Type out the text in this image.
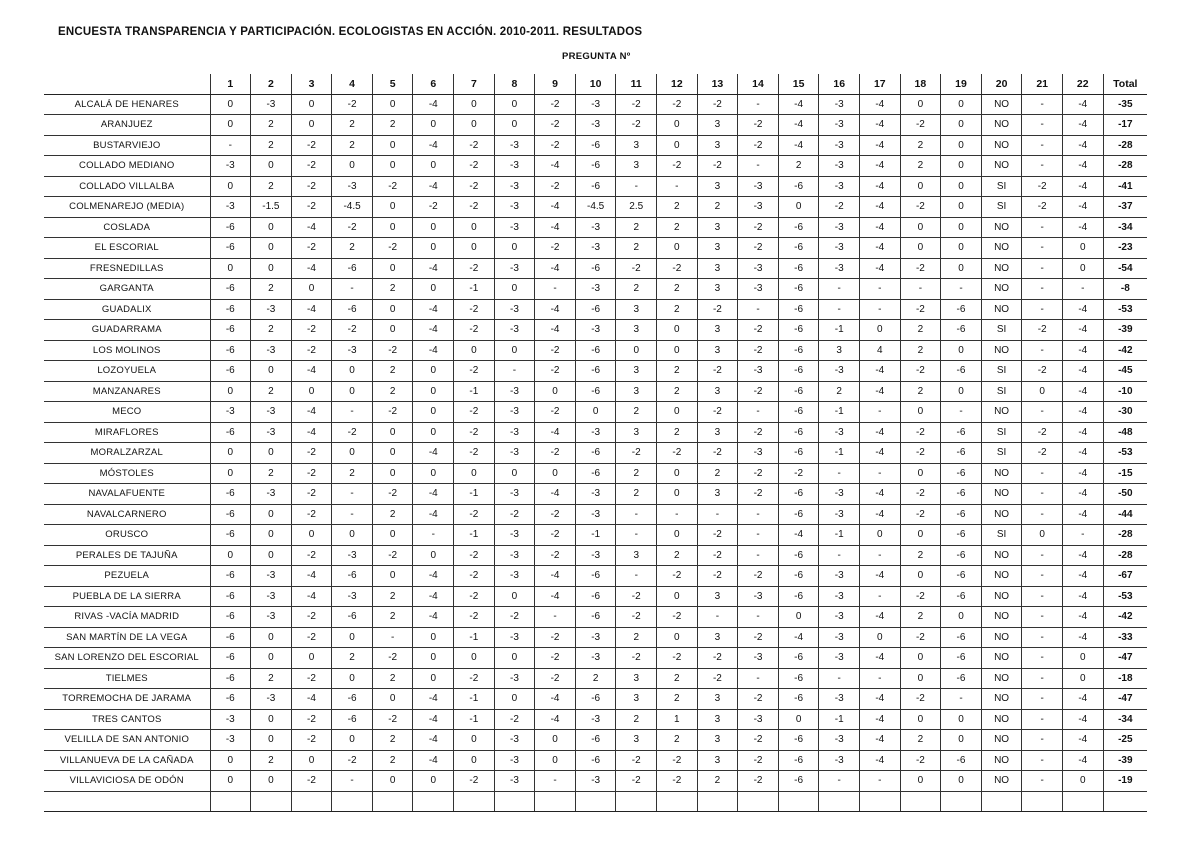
ENCUESTA TRANSPARENCIA Y PARTICIPACIÓN. ECOLOGISTAS EN ACCIÓN. 2010-2011. RESULTADOS
PREGUNTA Nº
	1	2	3	4	5	6	7	8	9	10	11	12	13	14	15	16	17	18	19	20	21	22	Total
ALCALÁ DE HENARES	0	-3	0	-2	0	-4	0	0	-2	-3	-2	-2	-2	-	-4	-3	-4	0	0	NO	-	-4	-35
ARANJUEZ	0	2	0	2	2	0	0	0	-2	-3	-2	0	3	-2	-4	-3	-4	-2	0	NO	-	-4	-17
BUSTARVIEJO	-	2	-2	2	0	-4	-2	-3	-2	-6	3	0	3	-2	-4	-3	-4	2	0	NO	-	-4	-28
COLLADO MEDIANO	-3	0	-2	0	0	0	-2	-3	-4	-6	3	-2	-2	-	2	-3	-4	2	0	NO	-	-4	-28
COLLADO VILLALBA	0	2	-2	-3	-2	-4	-2	-3	-2	-6	-	-	3	-3	-6	-3	-4	0	0	SI	-2	-4	-41
COLMENAREJO (MEDIA)	-3	-1.5	-2	-4.5	0	-2	-2	-3	-4	-4.5	2.5	2	2	-3	0	-2	-4	-2	0	SI	-2	-4	-37
COSLADA	-6	0	-4	-2	0	0	0	-3	-4	-3	2	2	3	-2	-6	-3	-4	0	0	NO	-	-4	-34
EL ESCORIAL	-6	0	-2	2	-2	0	0	0	-2	-3	2	0	3	-2	-6	-3	-4	0	0	NO	-	0	-23
FRESNEDILLAS	0	0	-4	-6	0	-4	-2	-3	-4	-6	-2	-2	3	-3	-6	-3	-4	-2	0	NO	-	0	-54
GARGANTA	-6	2	0	-	2	0	-1	0	-	-3	2	2	3	-3	-6	-	-	-	-	NO	-	-	-8
GUADALIX	-6	-3	-4	-6	0	-4	-2	-3	-4	-6	3	2	-2	-	-6	-	-	-2	-6	NO	-	-4	-53
GUADARRAMA	-6	2	-2	-2	0	-4	-2	-3	-4	-3	3	0	3	-2	-6	-1	0	2	-6	SI	-2	-4	-39
LOS MOLINOS	-6	-3	-2	-3	-2	-4	0	0	-2	-6	0	0	3	-2	-6	3	4	2	0	NO	-	-4	-42
LOZOYUELA	-6	0	-4	0	2	0	-2	-	-2	-6	3	2	-2	-3	-6	-3	-4	-2	-6	SI	-2	-4	-45
MANZANARES	0	2	0	0	2	0	-1	-3	0	-6	3	2	3	-2	-6	2	-4	2	0	SI	0	-4	-10
MECO	-3	-3	-4	-	-2	0	-2	-3	-2	0	2	0	-2	-	-6	-1	-	0	-	NO	-	-4	-30
MIRAFLORES	-6	-3	-4	-2	0	0	-2	-3	-4	-3	3	2	3	-2	-6	-3	-4	-2	-6	SI	-2	-4	-48
MORALZARZAL	0	0	-2	0	0	-4	-2	-3	-2	-6	-2	-2	-2	-3	-6	-1	-4	-2	-6	SI	-2	-4	-53
MÓSTOLES	0	2	-2	2	0	0	0	0	0	-6	2	0	2	-2	-2	-	-	0	-6	NO	-	-4	-15
NAVALAFUENTE	-6	-3	-2	-	-2	-4	-1	-3	-4	-3	2	0	3	-2	-6	-3	-4	-2	-6	NO	-	-4	-50
NAVALCARNERO	-6	0	-2	-	2	-4	-2	-2	-2	-3	-	-	-	-	-6	-3	-4	-2	-6	NO	-	-4	-44
ORUSCO	-6	0	0	0	0	-	-1	-3	-2	-1	-	0	-2	-	-4	-1	0	0	-6	SI	0	-	-28
PERALES DE TAJUÑA	0	0	-2	-3	-2	0	-2	-3	-2	-3	3	2	-2	-	-6	-	-	2	-6	NO	-	-4	-28
PEZUELA	-6	-3	-4	-6	0	-4	-2	-3	-4	-6	-	-2	-2	-2	-6	-3	-4	0	-6	NO	-	-4	-67
PUEBLA DE LA SIERRA	-6	-3	-4	-3	2	-4	-2	0	-4	-6	-2	0	3	-3	-6	-3	-	-2	-6	NO	-	-4	-53
RIVAS -VACÍA MADRID	-6	-3	-2	-6	2	-4	-2	-2	-	-6	-2	-2	-	-	0	-3	-4	2	0	NO	-	-4	-42
SAN MARTÍN DE LA VEGA	-6	0	-2	0	-	0	-1	-3	-2	-3	2	0	3	-2	-4	-3	0	-2	-6	NO	-	-4	-33
SAN LORENZO DEL ESCORIAL	-6	0	0	2	-2	0	0	0	-2	-3	-2	-2	-2	-3	-6	-3	-4	0	-6	NO	-	0	-47
TIELMES	-6	2	-2	0	2	0	-2	-3	-2	2	3	2	-2	-	-6	-	-	0	-6	NO	-	0	-18
TORREMOCHA DE JARAMA	-6	-3	-4	-6	0	-4	-1	0	-4	-6	3	2	3	-2	-6	-3	-4	-2	-	NO	-	-4	-47
TRES CANTOS	-3	0	-2	-6	-2	-4	-1	-2	-4	-3	2	1	3	-3	0	-1	-4	0	0	NO	-	-4	-34
VELILLA DE SAN ANTONIO	-3	0	-2	0	2	-4	0	-3	0	-6	3	2	3	-2	-6	-3	-4	2	0	NO	-	-4	-25
VILLANUEVA DE LA CAÑADA	0	2	0	-2	2	-4	0	-3	0	-6	-2	-2	3	-2	-6	-3	-4	-2	-6	NO	-	-4	-39
VILLAVICIOSA DE ODÓN	0	0	-2	-	0	0	-2	-3	-	-3	-2	-2	2	-2	-6	-	-	0	0	NO	-	0	-19
